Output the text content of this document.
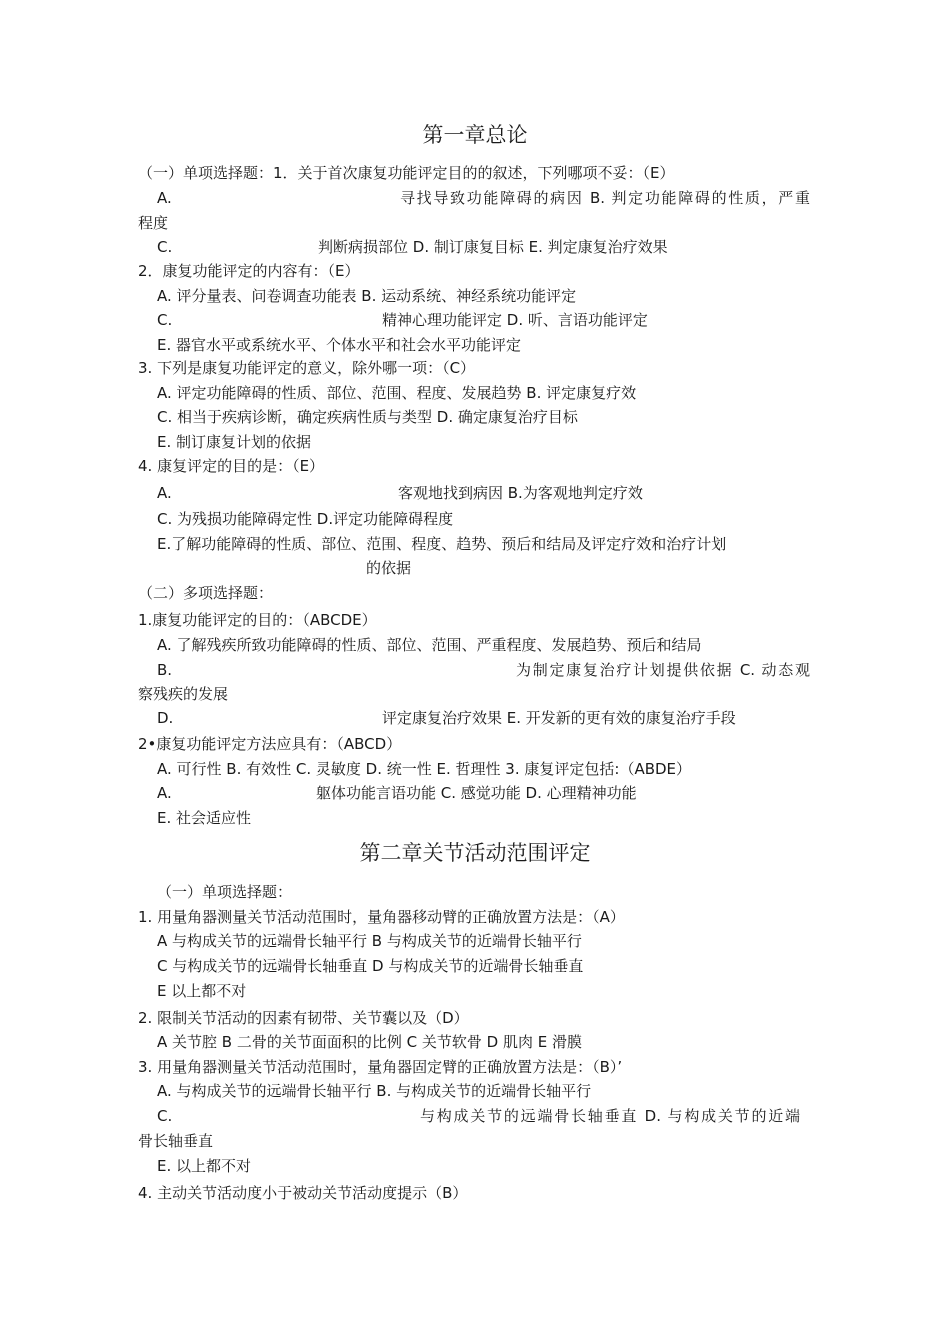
第一章总论
（一）单项选择题：1．关于首次康复功能评定目的的叙述，下列哪项不妥：（E）
A.	寻找导致功能障碍的病因 B. 判定功能障碍的性质，严重
程度
C.	判断病损部位 D. 制订康复目标 E. 判定康复治疗效果
2．康复功能评定的内容有：（E）
A. 评分量表、问卷调查功能表 B. 运动系统、神经系统功能评定
C.	精神心理功能评定 D. 听、言语功能评定
E. 器官水平或系统水平、个体水平和社会水平功能评定
3. 下列是康复功能评定的意义，除外哪一项：（C）
A. 评定功能障碍的性质、部位、范围、程度、发展趋势 B. 评定康复疗效
C. 相当于疾病诊断，确定疾病性质与类型 D. 确定康复治疗目标
E. 制订康复计划的依据
4. 康复评定的目的是：（E）
A.	客观地找到病因 B.为客观地判定疗效
C. 为残损功能障碍定性 D.评定功能障碍程度
E.了解功能障碍的性质、部位、范围、程度、趋势、预后和结局及评定疗效和治疗计划
的依据
（二）多项选择题：
1.康复功能评定的目的：（ABCDE）
A. 了解残疾所致功能障碍的性质、部位、范围、严重程度、发展趋势、预后和结局
B.	为制定康复治疗计划提供依据 C. 动态观
察残疾的发展
D.	评定康复治疗效果 E. 开发新的更有效的康复治疗手段
2•康复功能评定方法应具有：（ABCD）
A. 可行性 B. 有效性 C. 灵敏度 D. 统一性 E. 哲理性 3. 康复评定包括:（ABDE）
A.	躯体功能言语功能 C. 感觉功能 D. 心理精神功能
E. 社会适应性
第二章关节活动范围评定
（一）单项选择题：
1. 用量角器测量关节活动范围时，量角器移动臂的正确放置方法是：（A）
A 与构成关节的远端骨长轴平行 B 与构成关节的近端骨长轴平行
C 与构成关节的远端骨长轴垂直 D 与构成关节的近端骨长轴垂直
E 以上都不对
2. 限制关节活动的因素有韧带、关节囊以及（D）
A 关节腔 B 二骨的关节面面积的比例 C 关节软骨 D 肌肉 E 滑膜
3. 用量角器测量关节活动范围时，量角器固定臂的正确放置方法是：（B）’
A. 与构成关节的远端骨长轴平行 B. 与构成关节的近端骨长轴平行
C.	与构成关节的远端骨长轴垂直 D. 与构成关节的近端
骨长轴垂直
E. 以上都不对
4. 主动关节活动度小于被动关节活动度提示（B）
